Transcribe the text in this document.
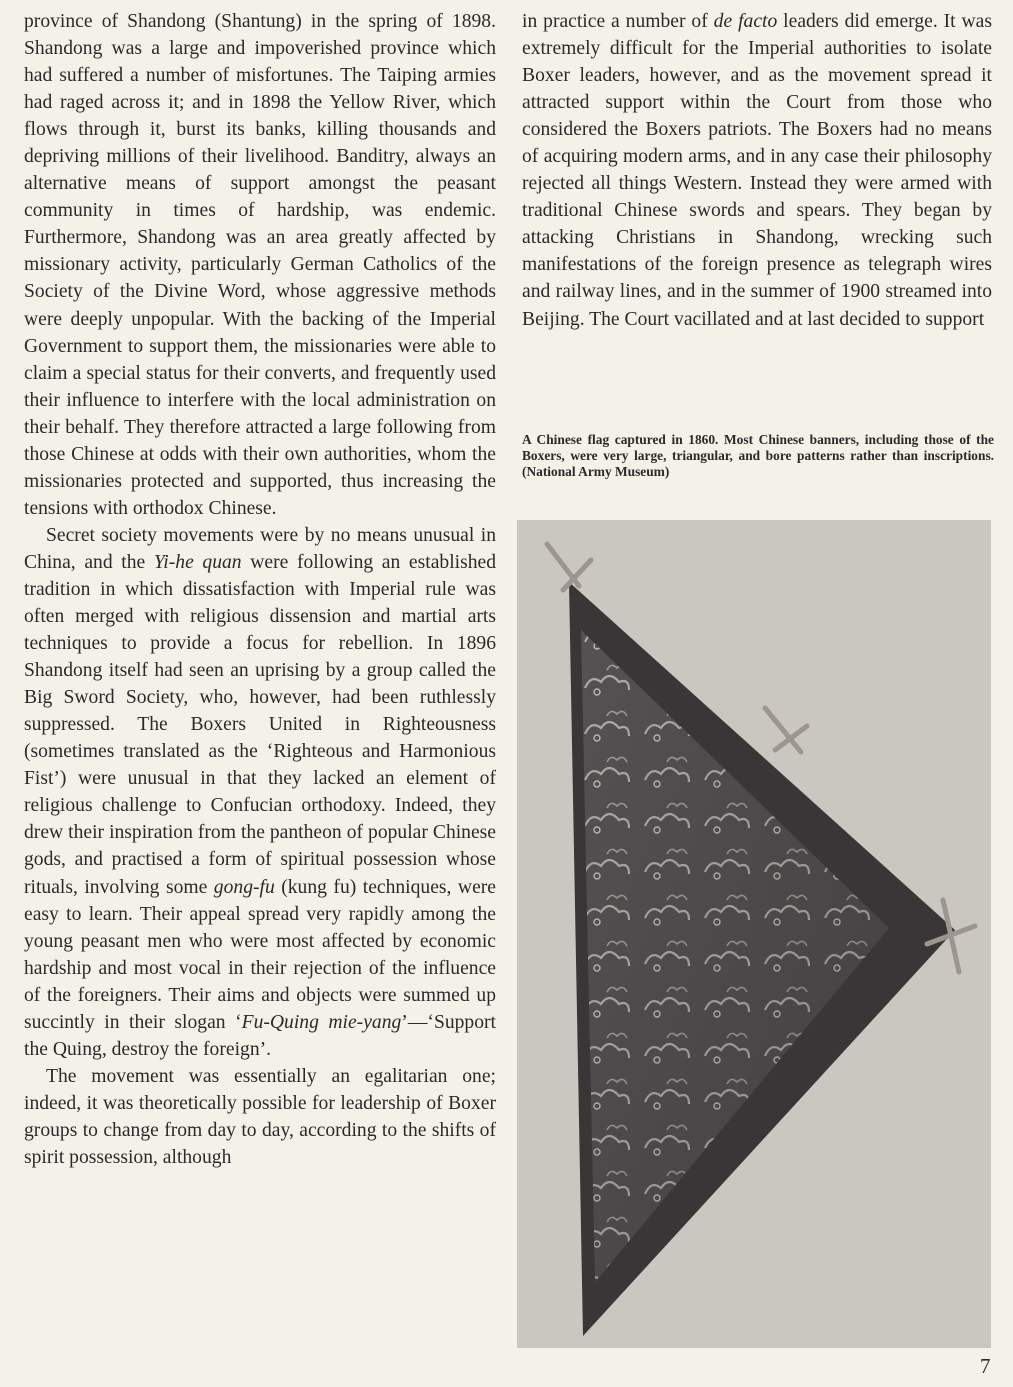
province of Shandong (Shantung) in the spring of 1898. Shandong was a large and impoverished province which had suffered a number of misfortunes. The Taiping armies had raged across it; and in 1898 the Yellow River, which flows through it, burst its banks, killing thousands and depriving millions of their livelihood. Banditry, always an alternative means of support amongst the peasant community in times of hardship, was endemic. Furthermore, Shandong was an area greatly affected by missionary activity, particularly German Catholics of the Society of the Divine Word, whose aggressive methods were deeply unpopular. With the backing of the Imperial Government to support them, the missionaries were able to claim a special status for their converts, and frequently used their influence to interfere with the local administration on their behalf. They therefore attracted a large following from those Chinese at odds with their own authorities, whom the missionaries protected and supported, thus increasing the tensions with orthodox Chinese.

Secret society movements were by no means unusual in China, and the Yi-he quan were following an established tradition in which dissatisfaction with Imperial rule was often merged with religious dissension and martial arts techniques to provide a focus for rebellion. In 1896 Shandong itself had seen an uprising by a group called the Big Sword Society, who, however, had been ruthlessly suppressed. The Boxers United in Righteousness (sometimes translated as the ‘Righteous and Harmonious Fist’) were unusual in that they lacked an element of religious challenge to Confucian orthodoxy. Indeed, they drew their inspiration from the pantheon of popular Chinese gods, and practised a form of spiritual possession whose rituals, involving some gong-fu (kung fu) techniques, were easy to learn. Their appeal spread very rapidly among the young peasant men who were most affected by economic hardship and most vocal in their rejection of the influence of the foreigners. Their aims and objects were summed up succintly in their slogan ‘Fu-Quing mie-yang’—‘Support the Quing, destroy the foreign’.

The movement was essentially an egalitarian one; indeed, it was theoretically possible for leadership of Boxer groups to change from day to day, according to the shifts of spirit possession, although

in practice a number of de facto leaders did emerge. It was extremely difficult for the Imperial authorities to isolate Boxer leaders, however, and as the movement spread it attracted support within the Court from those who considered the Boxers patriots. The Boxers had no means of acquiring modern arms, and in any case their philosophy rejected all things Western. Instead they were armed with traditional Chinese swords and spears. They began by attacking Christians in Shandong, wrecking such manifestations of the foreign presence as telegraph wires and railway lines, and in the summer of 1900 streamed into Beijing. The Court vacillated and at last decided to support

A Chinese flag captured in 1860. Most Chinese banners, including those of the Boxers, were very large, triangular, and bore patterns rather than inscriptions. (National Army Museum)
7
